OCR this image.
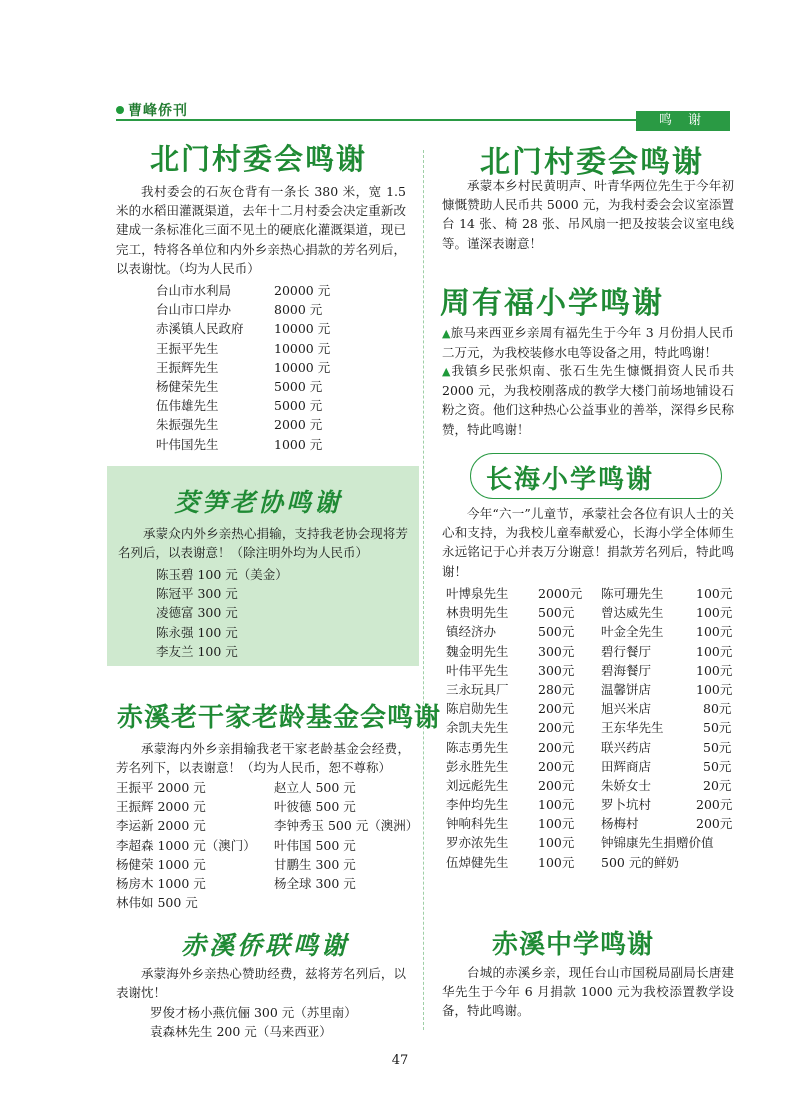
曹峰侨刊
鸣 谢
北门村委会鸣谢
我村委会的石灰仓背有一条长 380 米，宽 1.5 米的水稻田灌溉渠道，去年十二月村委会决定重新改建成一条标准化三面不见土的硬底化灌溉渠道，现已完工，特将各单位和内外乡亲热心捐款的芳名列后，以表谢忱。（均为人民币）
台山市水利局	20000 元
台山市口岸办	8000 元
赤溪镇人民政府 10000 元
王振平先生	10000 元
王振辉先生	10000 元
杨健荣先生	5000 元
伍伟雄先生	5000 元
朱振强先生	2000 元
叶伟国先生	1000 元
茭笋老协鸣谢
承蒙众内外乡亲热心捐输，支持我老协会现将芳名列后，以表谢意！（除注明外均为人民币）
陈玉碧 100 元（美金）
陈冠平 300 元
凌德富 300 元
陈永强 100 元
李友兰 100 元
赤溪老干家老龄基金会鸣谢
承蒙海内外乡亲捐输我老干家老龄基金会经费，芳名列下，以表谢意！（均为人民币，恕不尊称）
王振平 2000 元	赵立人 500 元
王振辉 2000 元	叶彼德 500 元
李运新 2000 元	李钟秀玉 500 元（澳洲）
李超森 1000 元（澳门） 叶伟国 500 元
杨健荣 1000 元	甘鹏生 300 元
杨房木 1000 元	杨全球 300 元
林伟如 500 元
赤溪侨联鸣谢
承蒙海外乡亲热心赞助经费，兹将芳名列后，以表谢忱！
罗俊才杨小燕伉俪 300 元（苏里南）
袁森林先生 200 元（马来西亚）
北门村委会鸣谢
承蒙本乡村民黄明声、叶青华两位先生于今年初慷慨赞助人民币共 5000 元，为我村委会会议室添置台 14 张、椅 28 张、吊风扇一把及按装会议室电线等。谨深表谢意！
周有福小学鸣谢
▲旅马来西亚乡亲周有福先生于今年 3 月份捐人民币二万元，为我校装修水电等设备之用，特此鸣谢！
▲我镇乡民张炽南、张石生先生慷慨捐资人民币共 2000 元，为我校刚落成的教学大楼门前场地铺设石粉之资。他们这种热心公益事业的善举，深得乡民称赞，特此鸣谢！
长海小学鸣谢
今年“六一”儿童节，承蒙社会各位有识人士的关心和支持，为我校儿童奉献爱心，长海小学全体师生永远铭记于心并表万分谢意！捐款芳名列后，特此鸣谢！
叶博泉先生 2000元 陈可珊先生	100元
林贵明先生 500元 曾达威先生	100元
镇经济办	500元 叶金全先生	100元
魏金明先生 300元 碧行餐厅	100元
叶伟平先生 300元 碧海餐厅	100元
三永玩具厂 280元 温馨饼店	100元
陈启勋先生 200元 旭兴米店	80元
余凯夫先生 200元 王东华先生	50元
陈志勇先生 200元 联兴药店	50元
彭永胜先生 200元 田辉商店	50元
刘远彪先生 200元 朱娇女士	20元
李仲均先生 100元 罗卜坑村	200元
钟响科先生 100元 杨梅村	200元
罗亦浓先生 100元 钟锦康先生捐赠价值
伍焯健先生 100元 500 元的鲜奶
赤溪中学鸣谢
台城的赤溪乡亲，现任台山市国税局副局长唐建华先生于今年 6 月捐款 1000 元为我校添置教学设备，特此鸣谢。
47
